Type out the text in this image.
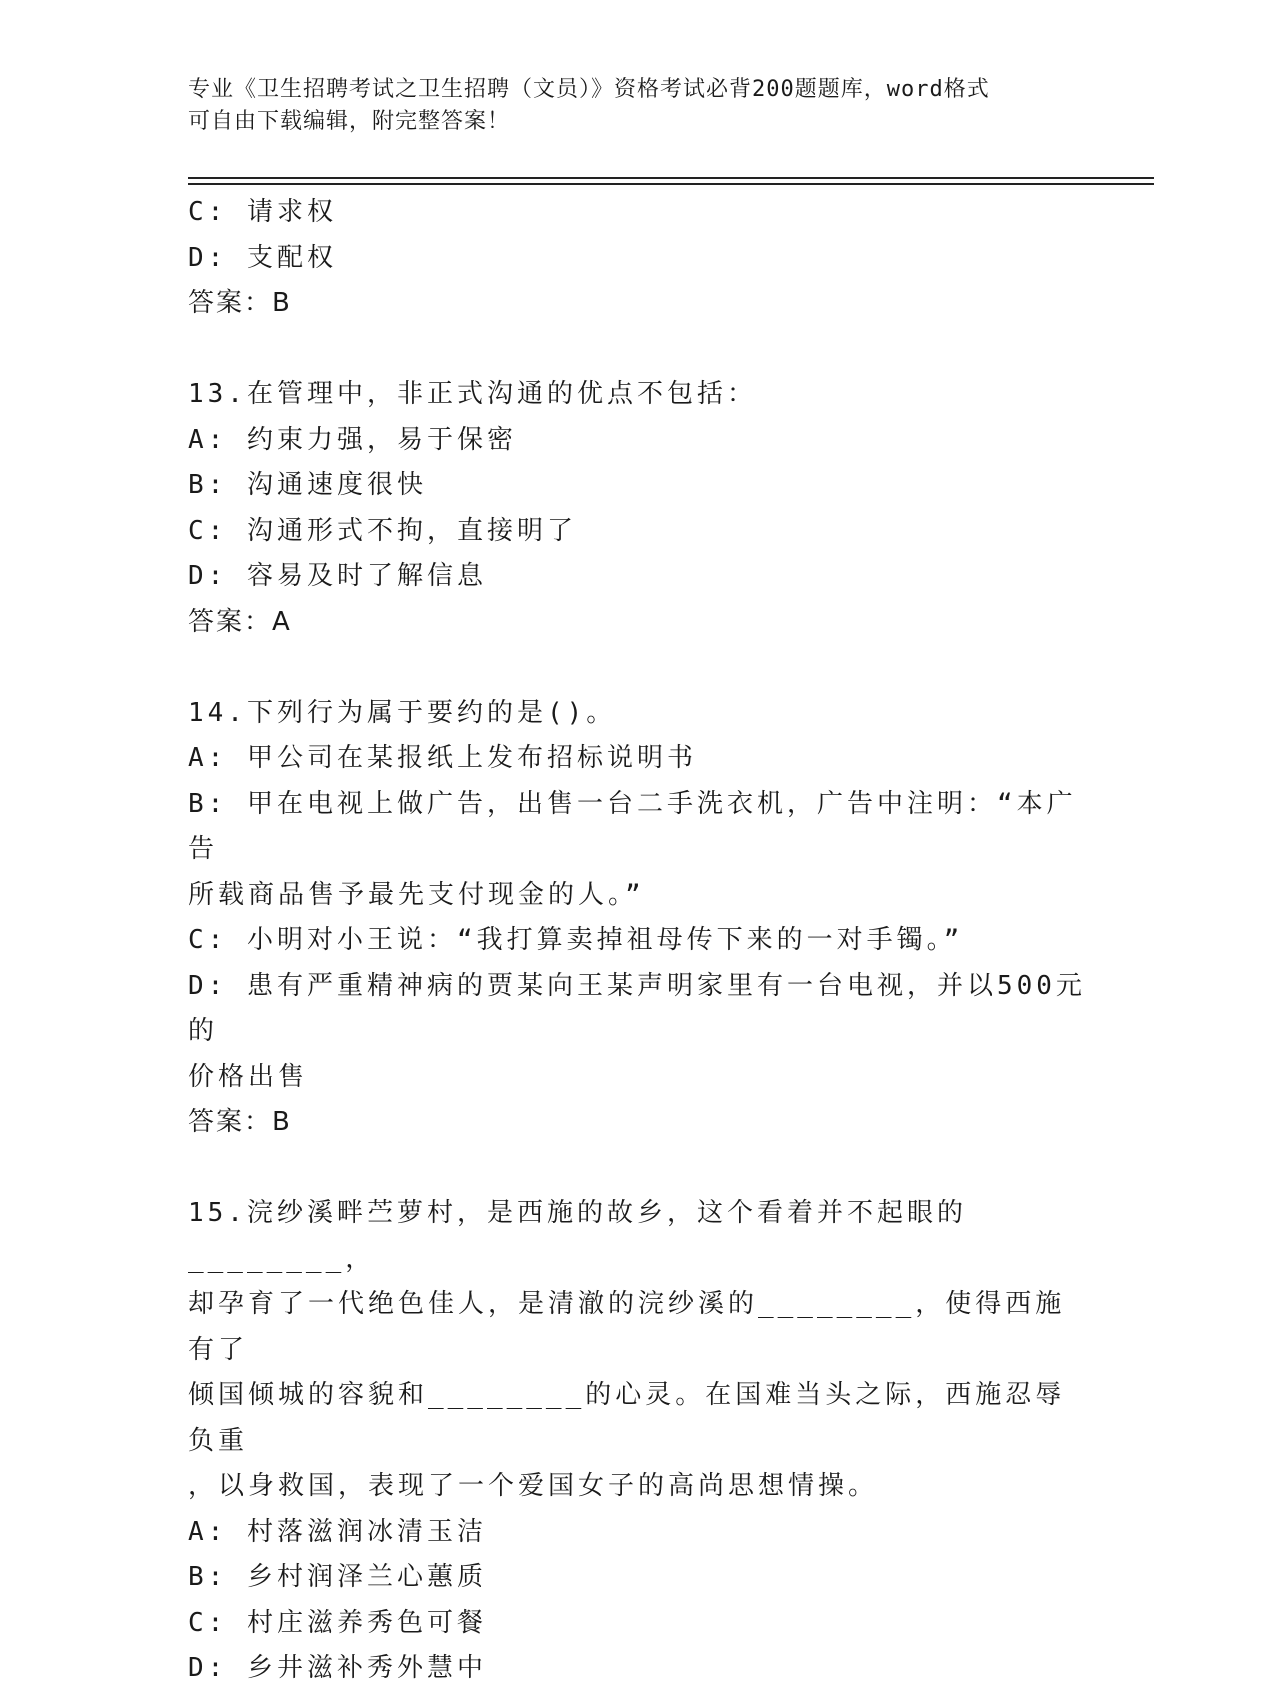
专业《卫生招聘考试之卫生招聘（文员）》资格考试必背200题题库，word格式
可自由下载编辑，附完整答案！
C: 请求权
D: 支配权
答案：B
13.在管理中，非正式沟通的优点不包括：
A: 约束力强，易于保密
B: 沟通速度很快
C: 沟通形式不拘，直接明了
D: 容易及时了解信息
答案：A
14.下列行为属于要约的是()。
A: 甲公司在某报纸上发布招标说明书
B: 甲在电视上做广告，出售一台二手洗衣机，广告中注明：“本广告
所载商品售予最先支付现金的人。”
C: 小明对小王说：“我打算卖掉祖母传下来的一对手镯。”
D: 患有严重精神病的贾某向王某声明家里有一台电视，并以500元的
价格出售
答案：B
15.浣纱溪畔苎萝村，是西施的故乡，这个看着并不起眼的________，
却孕育了一代绝色佳人，是清澈的浣纱溪的________，使得西施有了
倾国倾城的容貌和________的心灵。在国难当头之际，西施忍辱负重
，以身救国，表现了一个爱国女子的高尚思想情操。
A: 村落滋润冰清玉洁
B: 乡村润泽兰心蕙质
C: 村庄滋养秀色可餐
D: 乡井滋补秀外慧中
